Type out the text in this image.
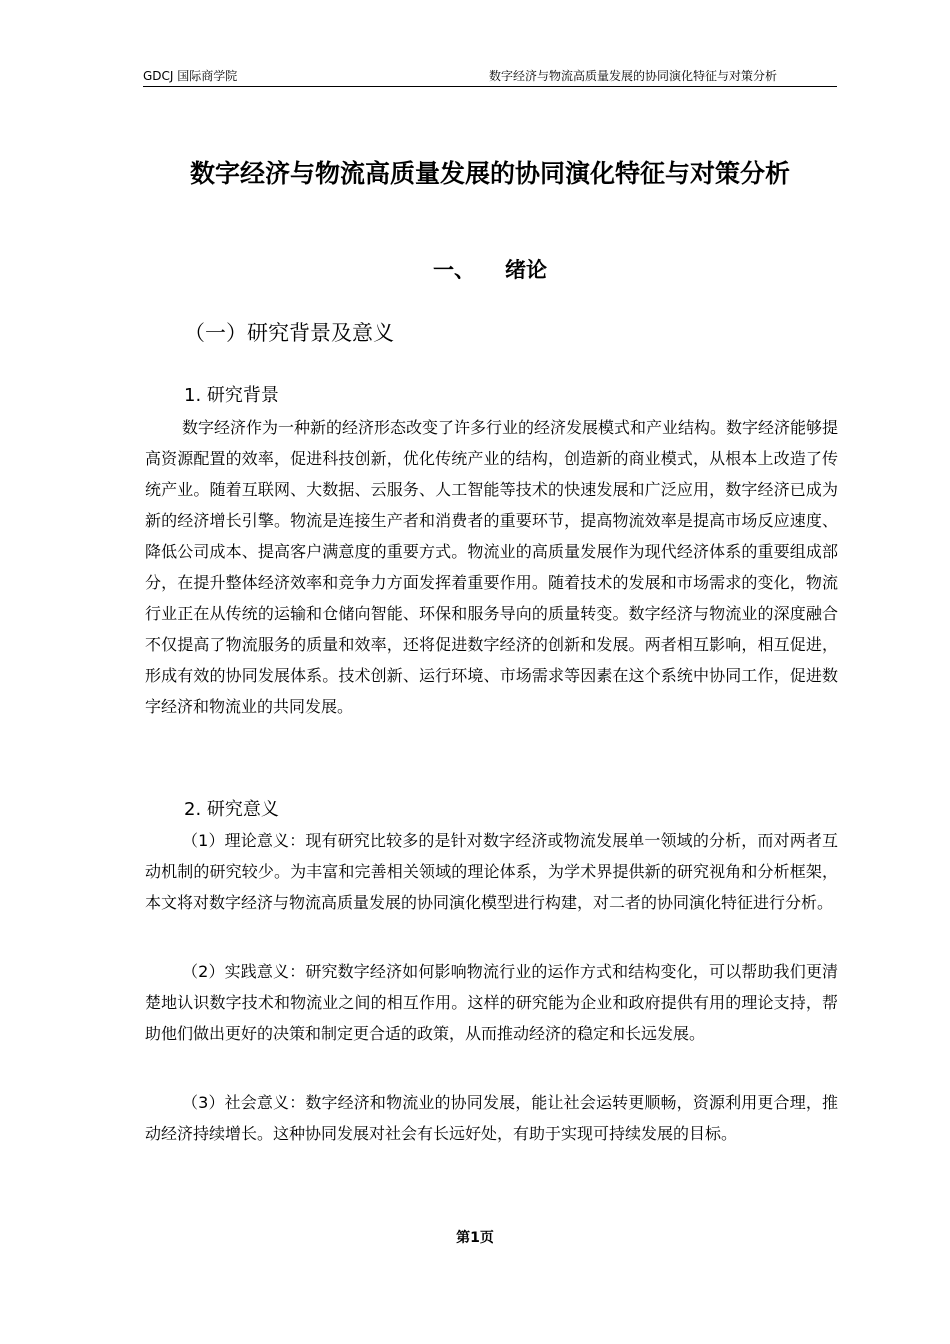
GDCJ 国际商学院	数字经济与物流高质量发展的协同演化特征与对策分析
数字经济与物流高质量发展的协同演化特征与对策分析
一、 绪论
（一）研究背景及意义
1. 研究背景

数字经济作为一种新的经济形态改变了许多行业的经济发展模式和产业结构。数字经济能够提高资源配置的效率，促进科技创新，优化传统产业的结构，创造新的商业模式，从根本上改造了传统产业。随着互联网、大数据、云服务、人工智能等技术的快速发展和广泛应用，数字经济已成为新的经济增长引擎。物流是连接生产者和消费者的重要环节，提高物流效率是提高市场反应速度、降低公司成本、提高客户满意度的重要方式。物流业的高质量发展作为现代经济体系的重要组成部分，在提升整体经济效率和竞争力方面发挥着重要作用。随着技术的发展和市场需求的变化，物流行业正在从传统的运输和仓储向智能、环保和服务导向的质量转变。数字经济与物流业的深度融合不仅提高了物流服务的质量和效率，还将促进数字经济的创新和发展。两者相互影响，相互促进，形成有效的协同发展体系。技术创新、运行环境、市场需求等因素在这个系统中协同工作，促进数字经济和物流业的共同发展。

2. 研究意义

（1）理论意义：现有研究比较多的是针对数字经济或物流发展单一领域的分析，而对两者互动机制的研究较少。为丰富和完善相关领域的理论体系，为学术界提供新的研究视角和分析框架，本文将对数字经济与物流高质量发展的协同演化模型进行构建，对二者的协同演化特征进行分析。

（2）实践意义：研究数字经济如何影响物流行业的运作方式和结构变化，可以帮助我们更清楚地认识数字技术和物流业之间的相互作用。这样的研究能为企业和政府提供有用的理论支持，帮助他们做出更好的决策和制定更合适的政策，从而推动经济的稳定和长远发展。

（3）社会意义：数字经济和物流业的协同发展，能让社会运转更顺畅，资源利用更合理，推动经济持续增长。这种协同发展对社会有长远好处，有助于实现可持续发展的目标。

第1页
